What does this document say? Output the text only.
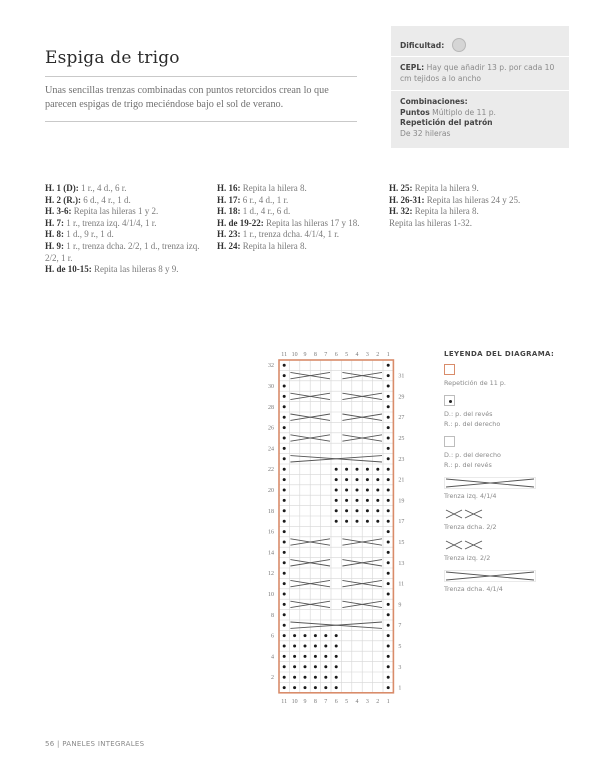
Espiga de trigo
Unas sencillas trenzas combinadas con puntos retorcidos crean lo que parecen espigas de trigo meciéndose bajo el sol de verano.
Dificultad:
CEPL: Hay que añadir 13 p. por cada 10 cm tejidos a lo ancho
Combinaciones:
Puntos Múltiplo de 11 p.
Repetición del patrón
De 32 hileras
H. 1 (D): 1 r., 4 d., 6 r.
H. 2 (R.): 6 d., 4 r., 1 d.
H. 3-6: Repita las hileras 1 y 2.
H. 7: 1 r., trenza izq. 4/1/4, 1 r.
H. 8: 1 d., 9 r., 1 d.
H. 9: 1 r., trenza dcha. 2/2, 1 d., trenza izq. 2/2, 1 r.
H. de 10-15: Repita las hileras 8 y 9.
H. 16: Repita la hilera 8.
H. 17: 6 r., 4 d., 1 r.
H. 18: 1 d., 4 r., 6 d.
H. de 19-22: Repita las hileras 17 y 18.
H. 23: 1 r., trenza dcha. 4/1/4, 1 r.
H. 24: Repita la hilera 8.
H. 25: Repita la hilera 9.
H. 26-31: Repita las hileras 24 y 25.
H. 32: Repita la hilera 8.
Repita las hileras 1-32.
11
11
10
10
9
9
8
8
7
7
6
6
5
5
4
4
3
3
2
2
1
1
2
4
6
8
10
12
14
16
18
20
22
24
26
28
30
32
1
3
5
7
9
11
13
15
17
19
21
23
25
27
29
31
LEYENDA DEL DIAGRAMA:
Repetición de 11 p.
D.: p. del revés
R.: p. del derecho
D.: p. del derecho
R.: p. del revés
Trenza izq. 4/1/4
Trenza dcha. 2/2
Trenza izq. 2/2
Trenza dcha. 4/1/4
56 | PANELES INTEGRALES
